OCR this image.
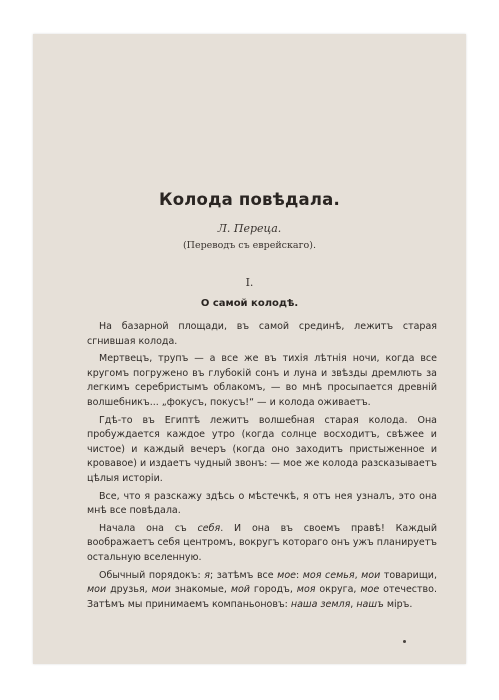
Колода повѣдала.
Л. Переца.
(Переводъ съ еврейскаго).
I.
О самой колодѣ.

На базарной площади, въ самой срединѣ, лежитъ старая сгнившая колода.

Мертвецъ, трупъ — а все же въ тихія лѣтнія ночи, когда все кругомъ погружено въ глубокій сонъ и луна и звѣзды дремлють за легкимъ серебристымъ облакомъ, — во мнѣ просыпается древній волшебникъ... „фокусъ, покусъ!“ — и колода оживаетъ.

Гдѣ-то въ Египтѣ лежитъ волшебная старая колода. Она пробуждается каждое утро (когда солнце восходитъ, свѣжее и чистое) и каждый вечеръ (когда оно заходитъ пристыженное и кровавое) и издаетъ чудный звонъ: — мое же колода разсказываетъ цѣлыя исторіи.

Все, что я разскажу здѣсь о мѣстечкѣ, я отъ нея узналъ, это она мнѣ все повѣдала.

Начала она съ себя. И она въ своемъ правѣ! Каждый воображаетъ себя центромъ, вокругъ котораго онъ ужъ планируетъ остальную вселенную.

Обычный порядокъ: я; затѣмъ все мое: моя семья, мои товарищи, мои друзья, мои знакомые, мой городъ, моя округа, мое отечество. Затѣмъ мы принимаемъ компаньоновъ: наша земля, нашъ міръ.
